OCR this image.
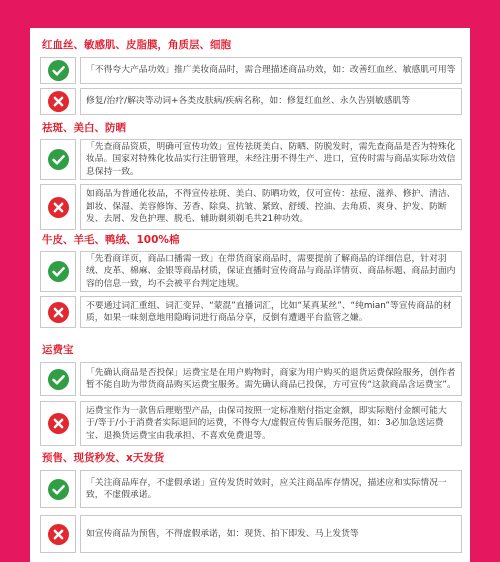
红血丝、敏感肌、皮脂膜，角质层、细胞
「不得夸大产品功效」推广美妆商品时，需合理描述商品功效，如：改善红血丝、敏感肌可用等
修复/治疗/解决等动词+各类皮肤病/疾病名称，如：修复红血丝、永久告别敏感肌等
祛斑、美白、防晒
「先查商品资质，明确可宣传功效」宣传祛斑美白、防晒、防脱发时，需先查商品是否为特殊化妆品。国家对特殊化妆品实行注册管理，未经注册不得生产、进口，宣传时需与商品实际功效信息保持一致。
如商品为普通化妆品，不得宣传祛斑、美白、防晒功效，仅可宣传：祛痘、滋养、修护、清洁、卸妆、保湿、美容修饰、芳香、除臭、抗皱、紧致、舒缓、控油、去角质、爽身、护发、防断发、去屑、发色护理、脱毛、辅助剃须剃毛共21种功效。
牛皮、羊毛、鸭绒、100%棉
「先看商详页，商品口播需一致」在带货商家商品时，需要提前了解商品的详细信息，针对羽绒、皮革、棉麻、金银等商品材质，保证直播时宣传商品与商品详情页、商品标题、商品封面内容的信息一致，均不会被平台判定违规。
不要通过词汇重组、词汇变异、“蒙混”直播词汇，比如“某真某丝”、“纯mian”等宣传商品的材质，如果一味刻意地用隐晦词进行商品分享，反倒有遭遇平台监管之嫌。
运费宝
「先确认商品是否投保」运费宝是在用户购物时，商家为用户购买的退货运费保险服务，创作者暂不能自助为带货商品购买运费宝服务。需先确认商品已投保，方可宣传“这款商品含运费宝”。
运费宝作为一款售后理赔型产品，由保司按照一定标准赔付指定金额，即实际赔付金额可能大于/等于/小于消费者实际退回的运费，不得夸大/虚假宣传售后服务范围，如：3必加急送运费宝、退换货运费宝由我承担、不喜欢免费退等。
预售、现货秒发、x天发货
「关注商品库存，不虚假承诺」宣传发货时效时，应关注商品库存情况，描述应和实际情况一致，不虚假承诺。
如宣传商品为预售，不得虚假承诺，如：现货、拍下即发、马上发货等
